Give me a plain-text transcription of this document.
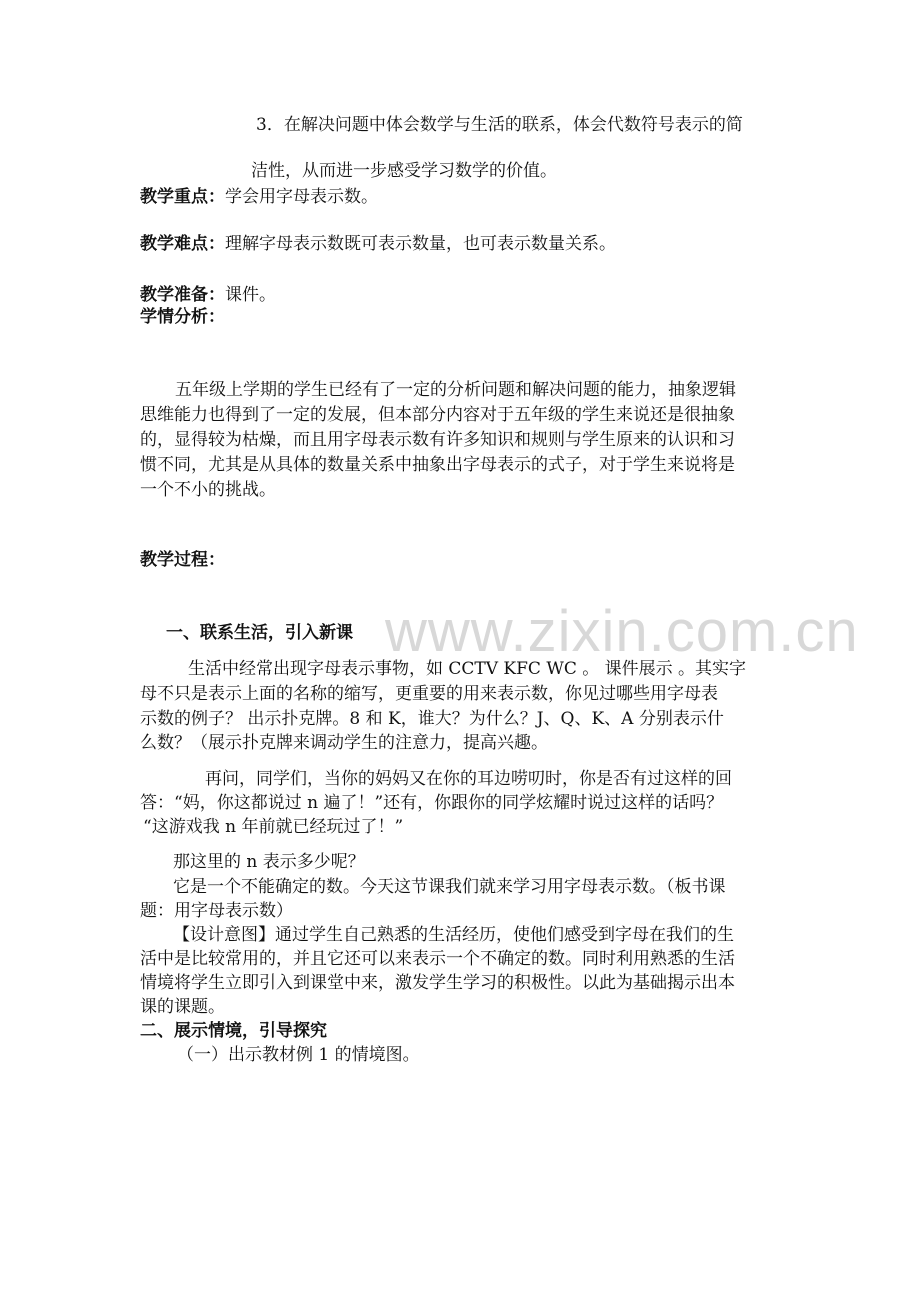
www.zixin.com.cn
3．在解决问题中体会数学与生活的联系，体会代数符号表示的简
洁性，从而进一步感受学习数学的价值。
教学重点：学会用字母表示数。
教学难点：理解字母表示数既可表示数量，也可表示数量关系。
教学准备：课件。
学情分析：
五年级上学期的学生已经有了一定的分析问题和解决问题的能力，抽象逻辑
思维能力也得到了一定的发展，但本部分内容对于五年级的学生来说还是很抽象
的，显得较为枯燥，而且用字母表示数有许多知识和规则与学生原来的认识和习
惯不同，尤其是从具体的数量关系中抽象出字母表示的式子，对于学生来说将是
一个不小的挑战。
教学过程：
一、联系生活，引入新课
生活中经常出现字母表示事物，如 CCTV KFC WC 。 课件展示 。其实字
母不只是表示上面的名称的缩写，更重要的用来表示数，你见过哪些用字母表
示数的例子？ 出示扑克牌。8 和 K，谁大？为什么？J、Q、K、A 分别表示什
么数？（展示扑克牌来调动学生的注意力，提高兴趣。
再问，同学们，当你的妈妈又在你的耳边唠叨时，你是否有过这样的回
答：“妈，你这都说过 n 遍了！”还有，你跟你的同学炫耀时说过这样的话吗？
“这游戏我 n 年前就已经玩过了！”
那这里的 n 表示多少呢？
它是一个不能确定的数。今天这节课我们就来学习用字母表示数。（板书课
题：用字母表示数）
【设计意图】通过学生自己熟悉的生活经历，使他们感受到字母在我们的生
活中是比较常用的，并且它还可以来表示一个不确定的数。同时利用熟悉的生活
情境将学生立即引入到课堂中来，激发学生学习的积极性。以此为基础揭示出本
课的课题。
二、展示情境，引导探究
（一）出示教材例 1 的情境图。
